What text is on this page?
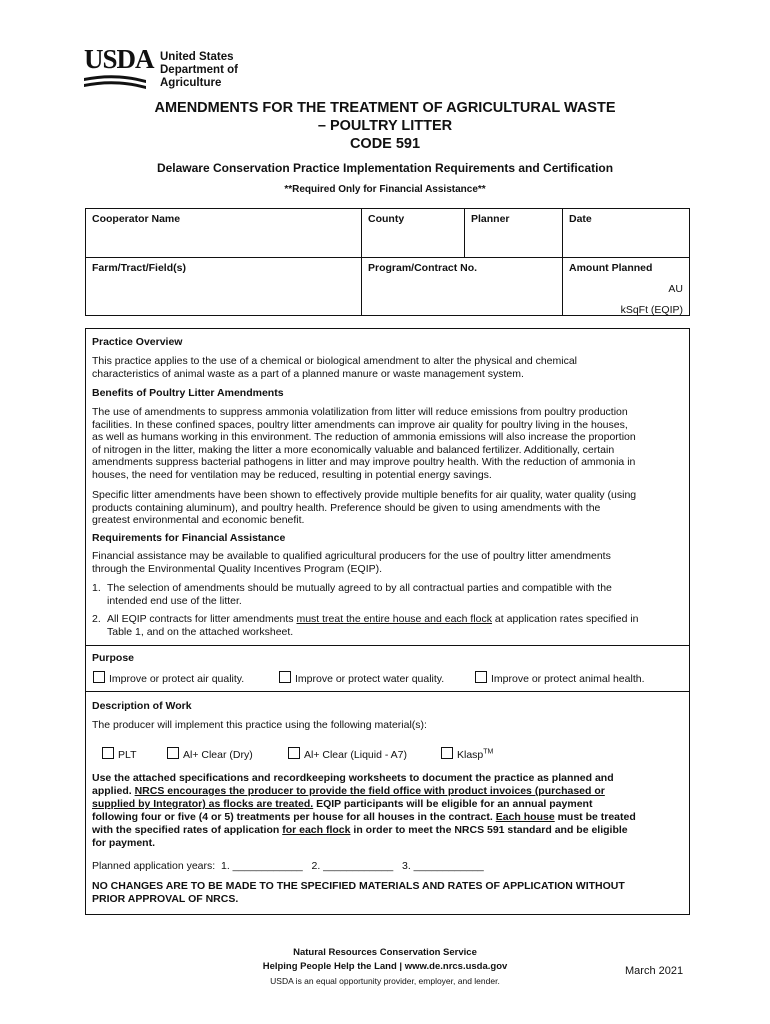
USDA United States
Department of
Agriculture
AMENDMENTS FOR THE TREATMENT OF AGRICULTURAL WASTE
– POULTRY LITTER
CODE 591
Delaware Conservation Practice Implementation Requirements and Certification
**Required Only for Financial Assistance**
Cooperator Name	County	Planner	Date
Farm/Tract/Field(s)	Program/Contract No.	Amount Planned
AU
kSqFt (EQIP)
Practice Overview
This practice applies to the use of a chemical or biological amendment to alter the physical and chemical
characteristics of animal waste as a part of a planned manure or waste management system.
Benefits of Poultry Litter Amendments
The use of amendments to suppress ammonia volatilization from litter will reduce emissions from poultry production
facilities. In these confined spaces, poultry litter amendments can improve air quality for poultry living in the houses,
as well as humans working in this environment. The reduction of ammonia emissions will also increase the proportion
of nitrogen in the litter, making the litter a more economically valuable and balanced fertilizer. Additionally, certain
amendments suppress bacterial pathogens in litter and may improve poultry health. With the reduction of ammonia in
houses, the need for ventilation may be reduced, resulting in potential energy savings.
Specific litter amendments have been shown to effectively provide multiple benefits for air quality, water quality (using
products containing aluminum), and poultry health. Preference should be given to using amendments with the
greatest environmental and economic benefit.
Requirements for Financial Assistance
Financial assistance may be available to qualified agricultural producers for the use of poultry litter amendments
through the Environmental Quality Incentives Program (EQIP).
1. The selection of amendments should be mutually agreed to by all contractual parties and compatible with the
intended end use of the litter.
2. All EQIP contracts for litter amendments must treat the entire house and each flock at application rates specified in
Table 1, and on the attached worksheet.
Purpose
Improve or protect air quality.	Improve or protect water quality.	Improve or protect animal health.
Description of Work
The producer will implement this practice using the following material(s):
PLT	Al+ Clear (Dry)	Al+ Clear (Liquid - A7)	Klasp™
Use the attached specifications and recordkeeping worksheets to document the practice as planned and
applied. NRCS encourages the producer to provide the field office with product invoices (purchased or
supplied by Integrator) as flocks are treated. EQIP participants will be eligible for an annual payment
following four or five (4 or 5) treatments per house for all houses in the contract. Each house must be treated
with the specified rates of application for each flock in order to meet the NRCS 591 standard and be eligible
for payment.
Planned application years:  1. ____________   2. ____________   3. ____________
NO CHANGES ARE TO BE MADE TO THE SPECIFIED MATERIALS AND RATES OF APPLICATION WITHOUT
PRIOR APPROVAL OF NRCS.
Natural Resources Conservation Service
Helping People Help the Land | www.de.nrcs.usda.gov
USDA is an equal opportunity provider, employer, and lender.
March 2021
